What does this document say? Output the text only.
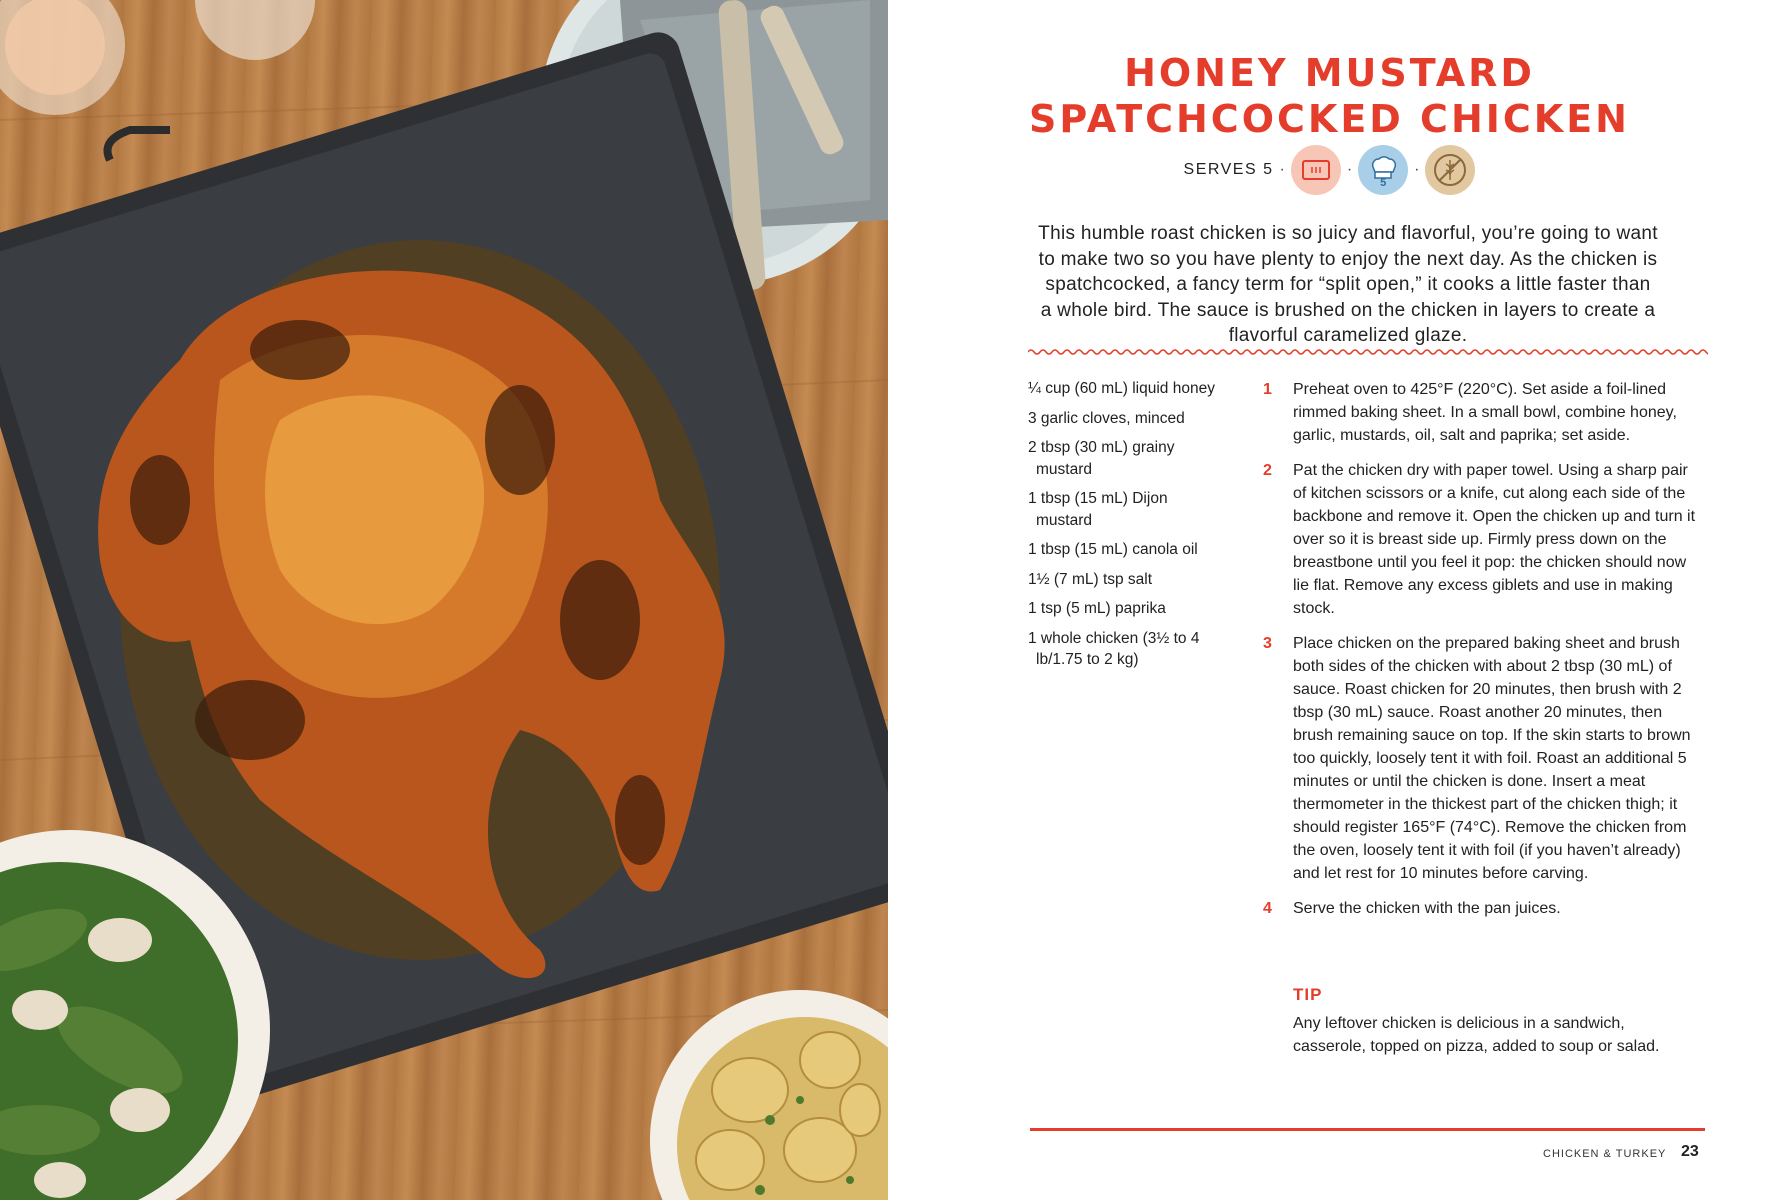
HONEY MUSTARD
SPATCHCOCKED CHICKEN
SERVES 5 ·	·
5
·

This humble roast chicken is so juicy and flavorful, you’re going to want to make two so you have plenty to enjoy the next day. As the chicken is spatchcocked, a fancy term for “split open,” it cooks a little faster than a whole bird. The sauce is brushed on the chicken in layers to create a flavorful caramelized glaze.

¼ cup (60 mL) liquid honey
3 garlic cloves, minced
2 tbsp (30 mL) grainy mustard
1 tbsp (15 mL) Dijon mustard
1 tbsp (15 mL) canola oil
1½ (7 mL) tsp salt
1 tsp (5 mL) paprika
1 whole chicken (3½ to 4 lb/1.75 to 2 kg)
1 Preheat oven to 425°F (220°C). Set aside a foil-lined rimmed baking sheet. In a small bowl, combine honey, garlic, mustards, oil, salt and paprika; set aside.
2 Pat the chicken dry with paper towel. Using a sharp pair of kitchen scissors or a knife, cut along each side of the backbone and remove it. Open the chicken up and turn it over so it is breast side up. Firmly press down on the breastbone until you feel it pop: the chicken should now lie flat. Remove any excess giblets and use in making stock.
3 Place chicken on the prepared baking sheet and brush both sides of the chicken with about 2 tbsp (30 mL) of sauce. Roast chicken for 20 minutes, then brush with 2 tbsp (30 mL) sauce. Roast another 20 minutes, then brush remaining sauce on top. If the skin starts to brown too quickly, loosely tent it with foil. Roast an additional 5 minutes or until the chicken is done. Insert a meat thermometer in the thickest part of the chicken thigh; it should register 165°F (74°C). Remove the chicken from the oven, loosely tent it with foil (if you haven’t already) and let rest for 10 minutes before carving.
4 Serve the chicken with the pan juices.
TIP
Any leftover chicken is delicious in a sandwich, casserole, topped on pizza, added to soup or salad.
CHICKEN & TURKEY 23
